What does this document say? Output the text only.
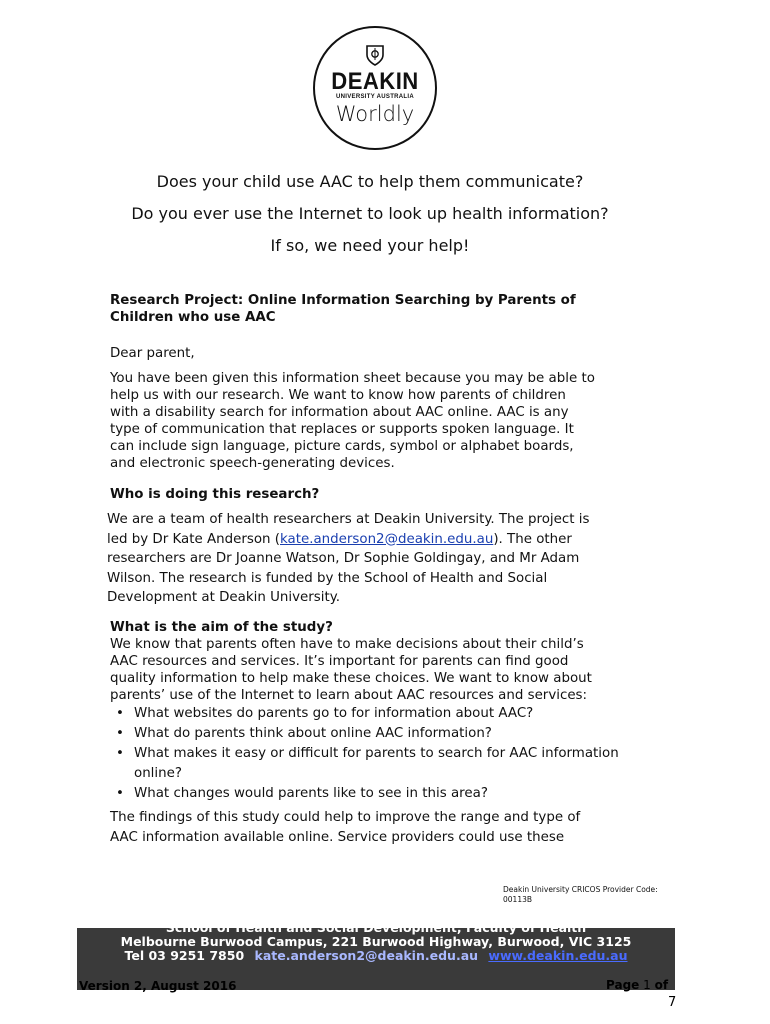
DEAKIN
UNIVERSITY AUSTRALIA
Worldly
Does your child use AAC to help them communicate?
Do you ever use the Internet to look up health information?
If so, we need your help!

Research Project: Online Information Searching by Parents of

Children who use AAC

Dear parent,

You have been given this information sheet because you may be able to

help us with our research. We want to know how parents of children

with a disability search for information about AAC online. AAC is any

type of communication that replaces or supports spoken language. It

can include sign language, picture cards, symbol or alphabet boards,

and electronic speech-generating devices.

Who is doing this research?

We are a team of health researchers at Deakin University. The project is

led by Dr Kate Anderson (kate.anderson2@deakin.edu.au). The other

researchers are Dr Joanne Watson, Dr Sophie Goldingay, and Mr Adam

Wilson. The research is funded by the School of Health and Social

Development at Deakin University.

What is the aim of the study?

We know that parents often have to make decisions about their child’s

AAC resources and services. It’s important for parents can find good

quality information to help make these choices. We want to know about

parents’ use of the Internet to learn about AAC resources and services:

• What websites do parents go to for information about AAC?
• What do parents think about online AAC information?
• What makes it easy or difficult for parents to search for AAC information online?
• What changes would parents like to see in this area?

The findings of this study could help to improve the range and type of

AAC information available online. Service providers could use these

Deakin University CRICOS Provider Code:
00113B
School of Health and Social Development, Faculty of Health
Melbourne Burwood Campus, 221 Burwood Highway, Burwood, VIC 3125
Tel 03 9251 7850 kate.anderson2@deakin.edu.au www.deakin.edu.au
Version 2, August 2016	Page 1 of
7
